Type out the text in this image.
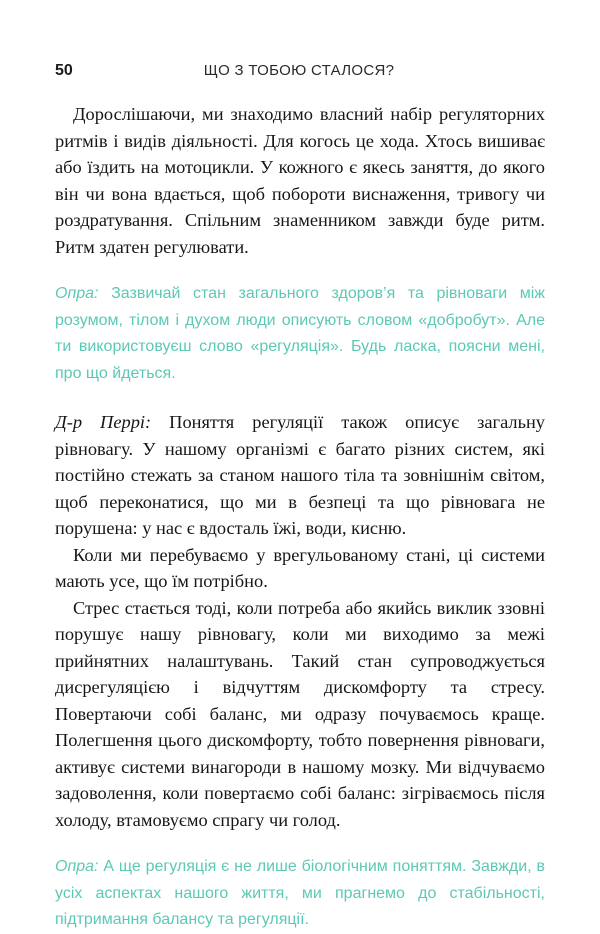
50	ЩО З ТОБОЮ СТАЛОСЯ?

Дорослішаючи, ми знаходимо власний набір регуляторних ритмів і видів діяльності. Для когось це хода. Хтось вишиває або їздить на мотоцикли. У кожного є якесь заняття, до якого він чи вона вдається, щоб побороти виснаження, тривогу чи роздратування. Спільним знаменником завжди буде ритм. Ритм здатен регулювати.

Опра: Зазвичай стан загального здоров’я та рівноваги між розумом, тілом і духом люди описують словом «добробут». Але ти використовуєш слово «регуляція». Будь ласка, поясни мені, про що йдеться.

Д-р Перрі: Поняття регуляції також описує загальну рівновагу. У нашому організмі є багато різних систем, які постійно стежать за станом нашого тіла та зовнішнім світом, щоб переконатися, що ми в безпеці та що рівновага не порушена: у нас є вдосталь їжі, води, кисню.

Коли ми перебуваємо у врегульованому стані, ці системи мають усе, що їм потрібно.

Стрес стається тоді, коли потреба або якийсь виклик ззовні порушує нашу рівновагу, коли ми виходимо за межі прийнятних налаштувань. Такий стан супроводжується дисрегуляцією і відчуттям дискомфорту та стресу. Повертаючи собі баланс, ми одразу почуваємось краще. Полегшення цього дискомфорту, тобто повернення рівноваги, активує системи винагороди в нашому мозку. Ми відчуваємо задоволення, коли повертаємо собі баланс: зігріваємось після холоду, втамовуємо спрагу чи голод.

Опра: А ще регуляція є не лише біологічним поняттям. Завжди, в усіх аспектах нашого життя, ми прагнемо до стабільності, підтримання балансу та регуляції.
